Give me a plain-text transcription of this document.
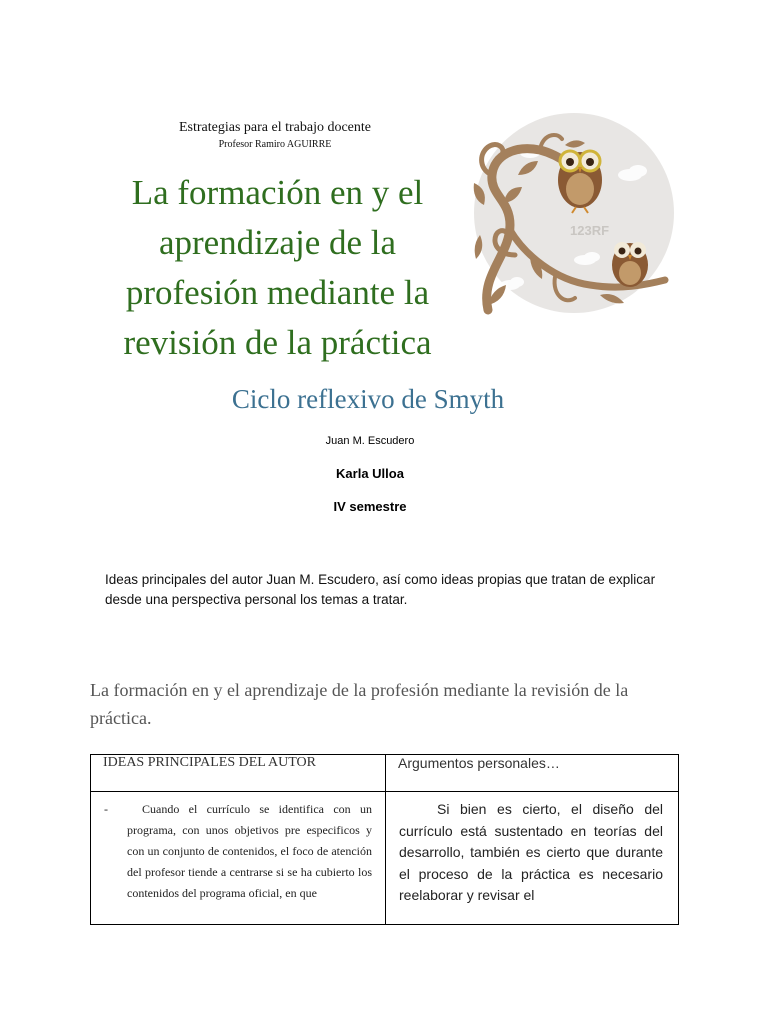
Estrategias para el trabajo docente
Profesor Ramiro AGUIRRE
La formación en y el aprendizaje de la profesión mediante la revisión de la práctica
123RF
Ciclo reflexivo de Smyth
Juan M. Escudero
Karla Ulloa
IV semestre

Ideas principales del autor Juan M. Escudero, así como ideas propias que tratan de explicar desde una perspectiva personal los temas a tratar.

La formación en y el aprendizaje de la profesión mediante la revisión de la práctica.
IDEAS PRINCIPALES DEL AUTOR	Argumentos personales…

- Cuando el currículo se identifica con un programa, con unos objetivos pre especificos y con un conjunto de contenidos, el foco de atención del profesor tiende a centrarse si se ha cubierto los contenidos del programa oficial, en que	Si bien es cierto, el diseño del currículo está sustentado en teorías del desarrollo, también es cierto que durante el proceso de la práctica es necesario reelaborar y revisar el
